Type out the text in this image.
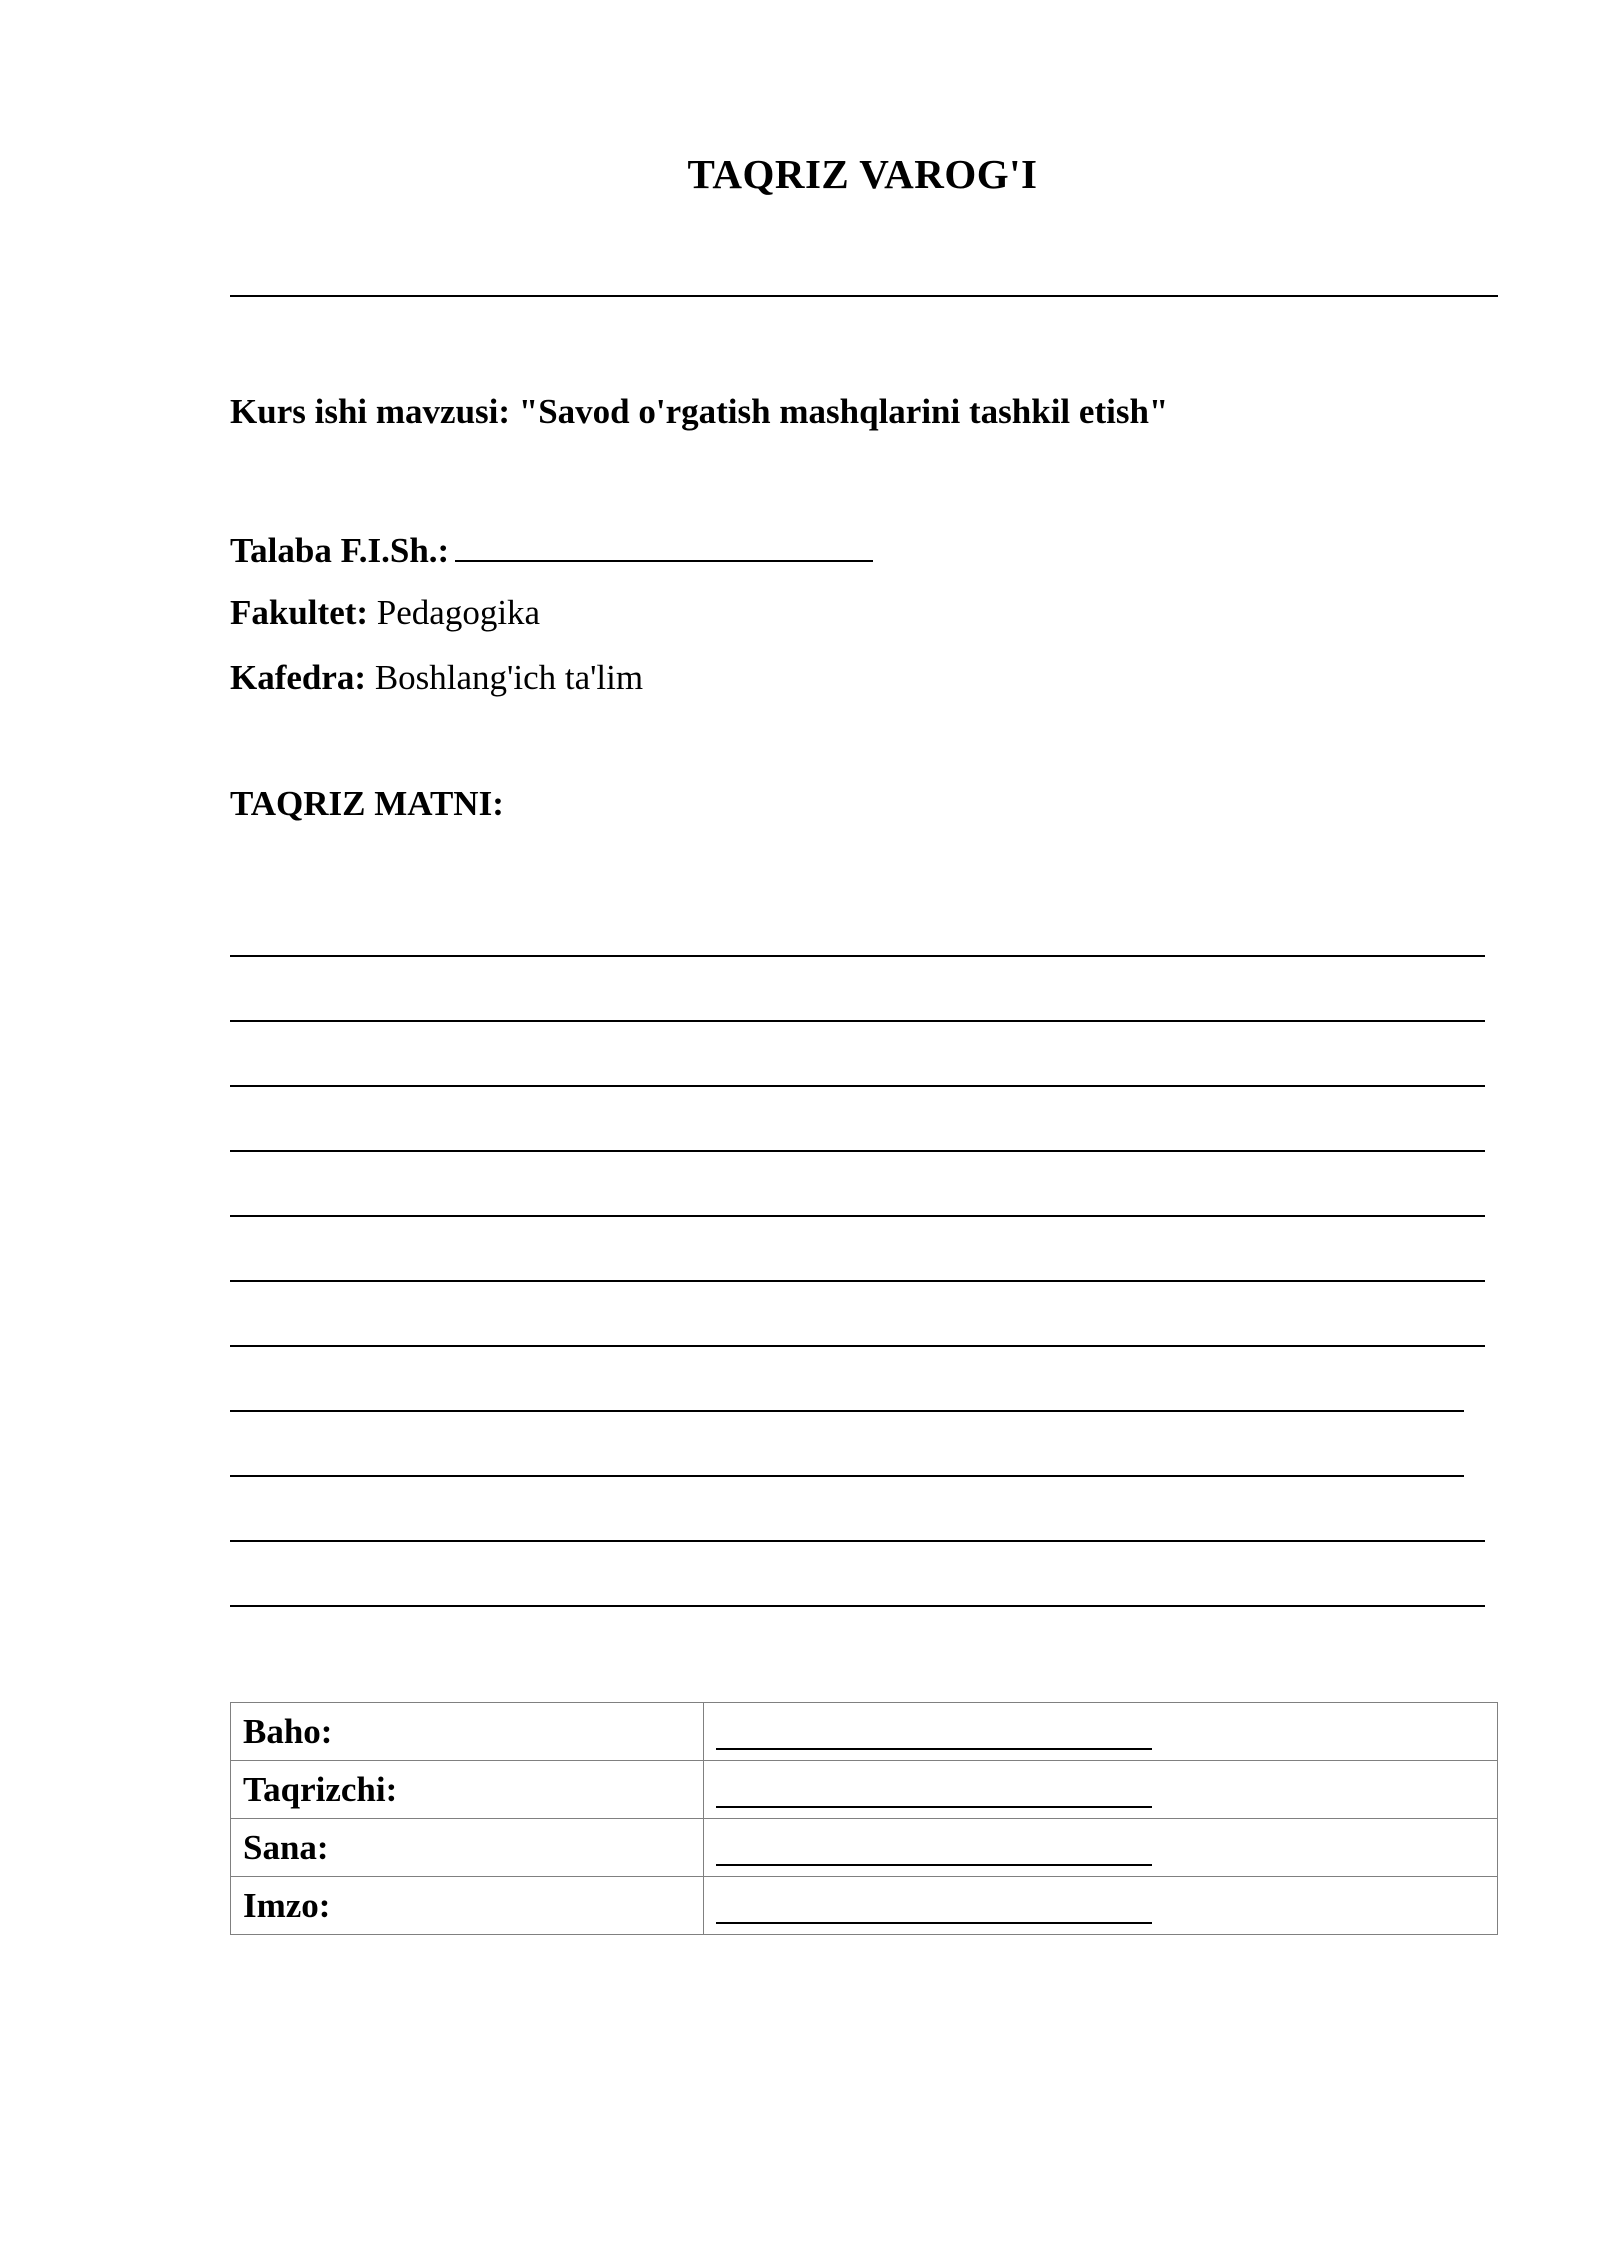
TAQRIZ VAROG'I
Kurs ishi mavzusi: "Savod o'rgatish mashqlarini tashkil etish"
Talaba F.I.Sh.:
Fakultet: Pedagogika
Kafedra: Boshlang'ich ta'lim
TAQRIZ MATNI:
Baho:	
Taqrizchi:	
Sana:	
Imzo:	
